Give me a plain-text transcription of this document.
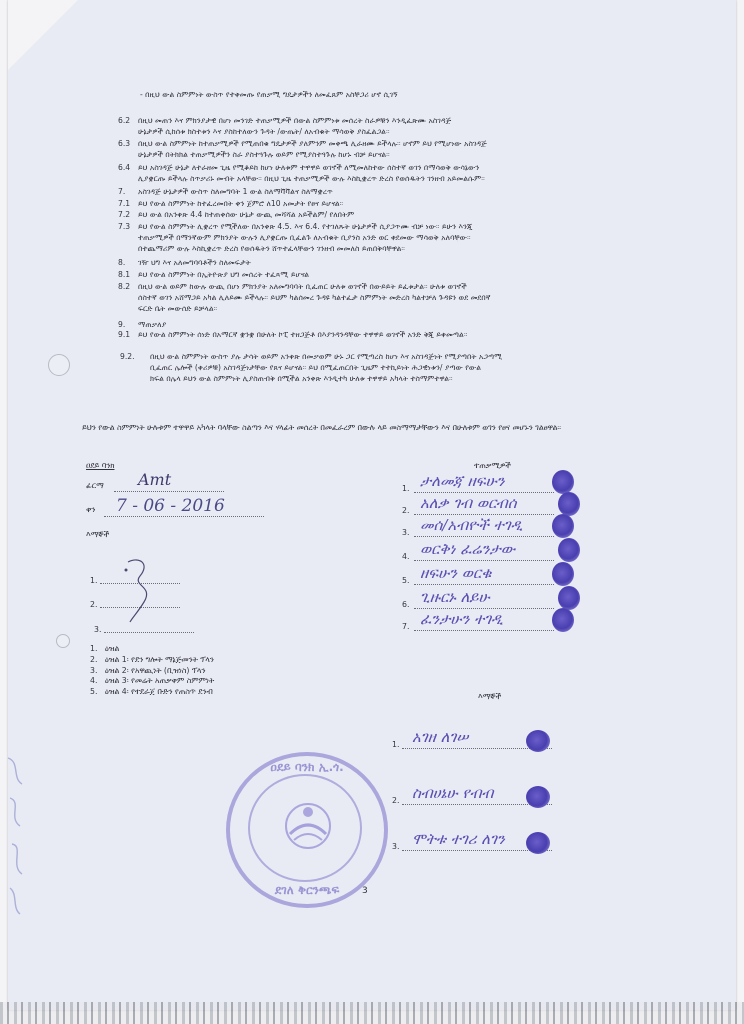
- በዚህ ውል ስምምነት ውስጥ የተቀመጡ የጠቃሚ ግዴታዎችን ለመፈጸም አስቸጋሪ ሆኖ ሲገኝ
6.2 በዚህ መጠን እና ምክንያታዊ በሆነ መንገድ ተጠቃሚዎች በውል ስምምነቱ መሰረት ስራዎቹን እንዲፈጽሙ አስገዳጅ
ሁኔታዎች ሲከሰቱ ክስተቱን እና ያስከተለውን ጉዳት /ውጤት/ ለአብቁት ማሳወቅ ያስፈልጋል።
6.3 በዚህ ውል ስምምነት ከተጠቃሚዎች የሚጠበቁ ግዴታዎች ያለምንም መቀጫ ሊራዘሙ ይችላሉ። ሆኖም ይህ የሚሆነው አስገዳጅ
ሁኔታዎች በትክክል ተጠቃሚዎችን ስራ ያስተጓጉሉ ወይም የሚያስተጓጉሉ ከሆኑ ብቻ ይሆናል።
6.4 ይህ አስገዳጅ ሁኔታ ለተራዘመ ጊዜ የሚቆይከ ከሆነ ሁለቱም ተዋዋይ ወገኖች ለሚመለከተው ሰስተኛ ወገን በማሳወቅ ውሳኔውን
ሊያቋርጡ ይችላሉ ስጥቃሪኑ መብት አላቸው። በዚህ ጊዜ ተጠቃሚዎች ውሉ እስኪቋረጥ ድረስ የወሰዱትን ገንዘብ አይመልሱም።
7. አስገዳጅ ሁኔታዎች ውስጥ ስለመግባት 1 ውል ስለማቫቫልና ስለማቋረጥ
7.1 ይህ የውል ስምምነት ከተፈረመበት ቀን ጀምሮ ለ10 አመታት የፀና ይሆናል።
7.2 ይህ ውል በአንቀጽ 4.4 ከተጠቀሰው ሁኔታ ውጪ መሻሻል አይችልም/ የለበትም
7.3 ይህ የውል ስምምነት ሊቋረጥ የሚችለው በአንቀጽ 4.5. እና 6.4. የተገለጹት ሁኔታዎች ሲያጋጥሙ ብቻ ነው። ይሁን እንጂ
ተጠቃሚዎች በማንኛውም ምክንያት ውሉን ሊያቋርጡ ቢፈልጉ ለአብቁት ቢያንስ አንድ ወር ቀደመው ማሳወቅ አለባቸው።
በተጨማሪም ውሉ እስኪቋረጥ ድረስ የወሰዱትን ሸጥተፈላቸውን ገንዘብ መመለስ ይጠበቅባቸዋል።
8. ገዥ ህግ እና አለመግባባቶችን ስለመፍታት
8.1 ይህ የውል ስምምነት በኢትዮጵያ ህግ መሰረት ተፈጻሚ ይሆናል
8.2 በዚህ ውል ወይም ከውሉ ውጪ በሆነ ምክንያት አለመግባባት ቢፈጠር ሁለቱ ወገኖች በውይይት ይፈቱታል። ሁለቱ ወገኖች
ሰስተኛ ወገን አሸማጋይ አካል ሊለይሙ ይችላሉ። ይህም ካልሰመረ ጉዳዩ ካልተፈታ ስምምነት መድረስ ካልተቻለ ጉዳዩን ወደ መደበኛ
ፍርድ ቤት መውሰድ ይቻላል።
9. ማጠቃለያ
9.1 ይህ የውል ስምምነት ሰነድ በአማርኛ ቋንቋ በሁለት ኮፒ ተዘጋጅቶ በእያንዳንዳቸው ተዋዋይ ወገኖች አንድ ቅጂ ይቀመጣል።
9.2. በዚህ ውል ስምምነት ውስጥ ያሉ ታሳት ወይም አንቀጽ በመቃወም ሁኑ ጋር የሚጣረስ ከሆነ እና አስገዳጅነት የሚያጣበት አጋጣሚ
ቢፈጠር ሌሎች (ቀሪዎቹ) አስገዳጅነታቸው የጸና ይሆናል። ይህ በሚፈጠርበት ጊዜም ተተኪይነት ሕጋዊነቱን/ ያጣው የውል
ክፍል በሌላ ይህን ውል ስምምነት ሊያስጠብቅ በሚችል አንቀጽ እንዲተካ ሁለቱ ተዋዋይ አካላት ተስማምተዋል።
ይህን የውል ስምምነት ሁሉቱም ተዋዋይ አካላት ባላቸው ስልጣን እና ሃላፊት መሰረት በመፈራረም በውሉ ላይ መስማማታቸውን እና በሁለቱም ወገን የፀና መሆኑን ገልፀዋል።
ዐደይ ባንክ
ፊርማ Amt
ቀን 7 - 06 - 2016
እማኞች
1.
2.
3.
1. ዕዝል
2. ዕዝል 1፡ የደን ግሎት ማኔጅመንት ፕላን
3. ዕዝል 2፡ የአዋጪነት (ቢዝነስ) ፕላን
4. ዕዝል 3፡ የመሬት አጠቃቀም ስምምነት
5. ዕዝል 4፡ የተደራጀ ቡድን የጠስጥ ደንብ
ተጠቃሚዎች
1. ታለመጃ ዘፍሁን
2. አለቃ ገብ ወርብሰ
3. መሰ/አብዮች ተገዲ
4. ወርቅነ ፈሬንታው
5. ዘፍሁን ወርቁ
6. ጊዙርኑ ለይሁ
7. ፈንታሁን ተገዲ
እማኞች
1. አገዘ ለገሠ
2. ስብሀኔሁ የብብ
3. ሞትቱ ተገሪ ለገን
ዐደይ ባንክ ኢ.ጎ.
ደገለ ቅርንጫፍ	3
